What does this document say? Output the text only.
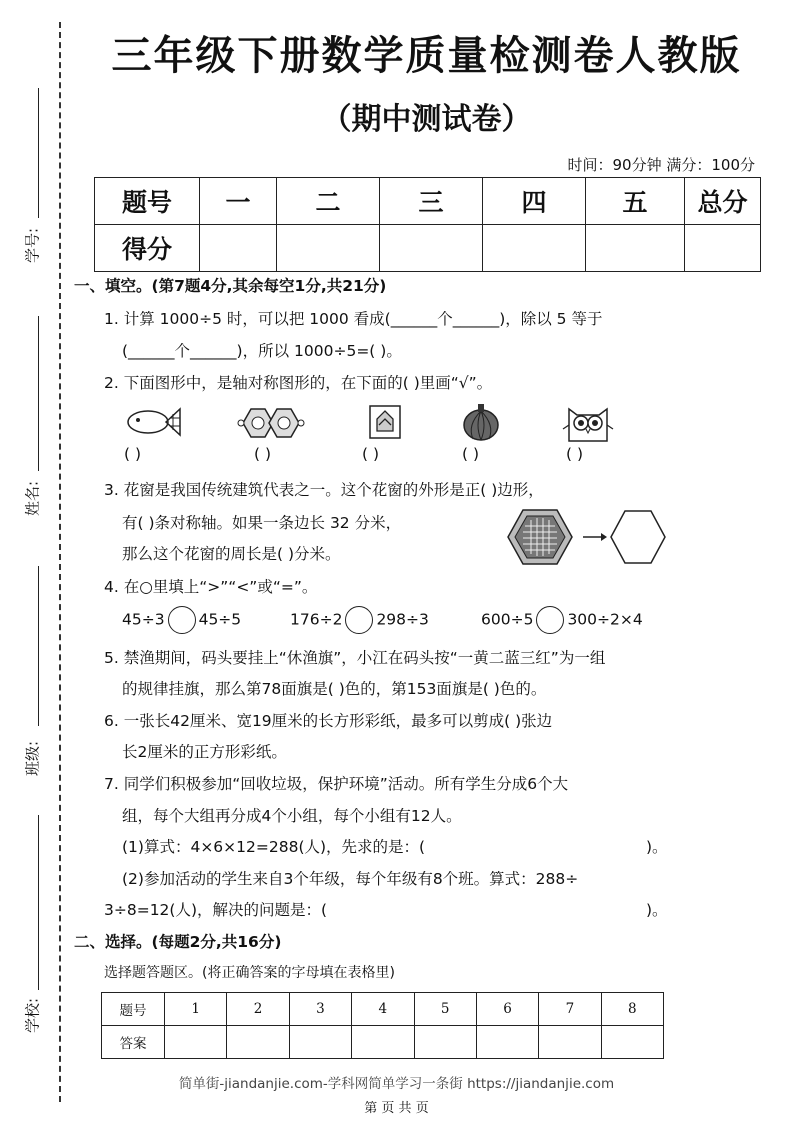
学号:
姓名:
班级:
学校:
三年级下册数学质量检测卷人教版
（期中测试卷）
时间：90分钟 满分：100分
题号	一	二	三	四	五	总分
得分						
一、填空。(第7题4分,其余每空1分,共21分)
1. 计算 1000÷5 时，可以把 1000 看成(______个______)，除以 5 等于
(______个______)，所以 1000÷5=( )。
2. 下面图形中，是轴对称图形的，在下面的( )里画“√”。
( )	( )	( )	( )	( )
3. 花窗是我国传统建筑代表之一。这个花窗的外形是正( )边形，
有( )条对称轴。如果一条边长 32 分米，
那么这个花窗的周长是( )分米。
4. 在○里填上“>”“<”或“=”。
45÷3 45÷5	176÷2 298÷3	600÷5 300÷2×4
5. 禁渔期间，码头要挂上“休渔旗”，小江在码头按“一黄二蓝三红”为一组
的规律挂旗，那么第78面旗是( )色的，第153面旗是( )色的。
6. 一张长42厘米、宽19厘米的长方形彩纸，最多可以剪成( )张边
长2厘米的正方形彩纸。
7. 同学们积极参加“回收垃圾，保护环境”活动。所有学生分成6个大
组，每个大组再分成4个小组，每个小组有12人。
(1)算式：4×6×12=288(人)，先求的是：(	)。
(2)参加活动的学生来自3个年级，每个年级有8个班。算式：288÷
3÷8=12(人)，解决的问题是：(	)。
二、选择。(每题2分,共16分)
选择题答题区。(将正确答案的字母填在表格里)
题号	1	2	3	4	5	6	7	8
答案								
简单街-jiandanjie.com-学科网简单学习一条街 https://jiandanjie.com
第 页 共 页
